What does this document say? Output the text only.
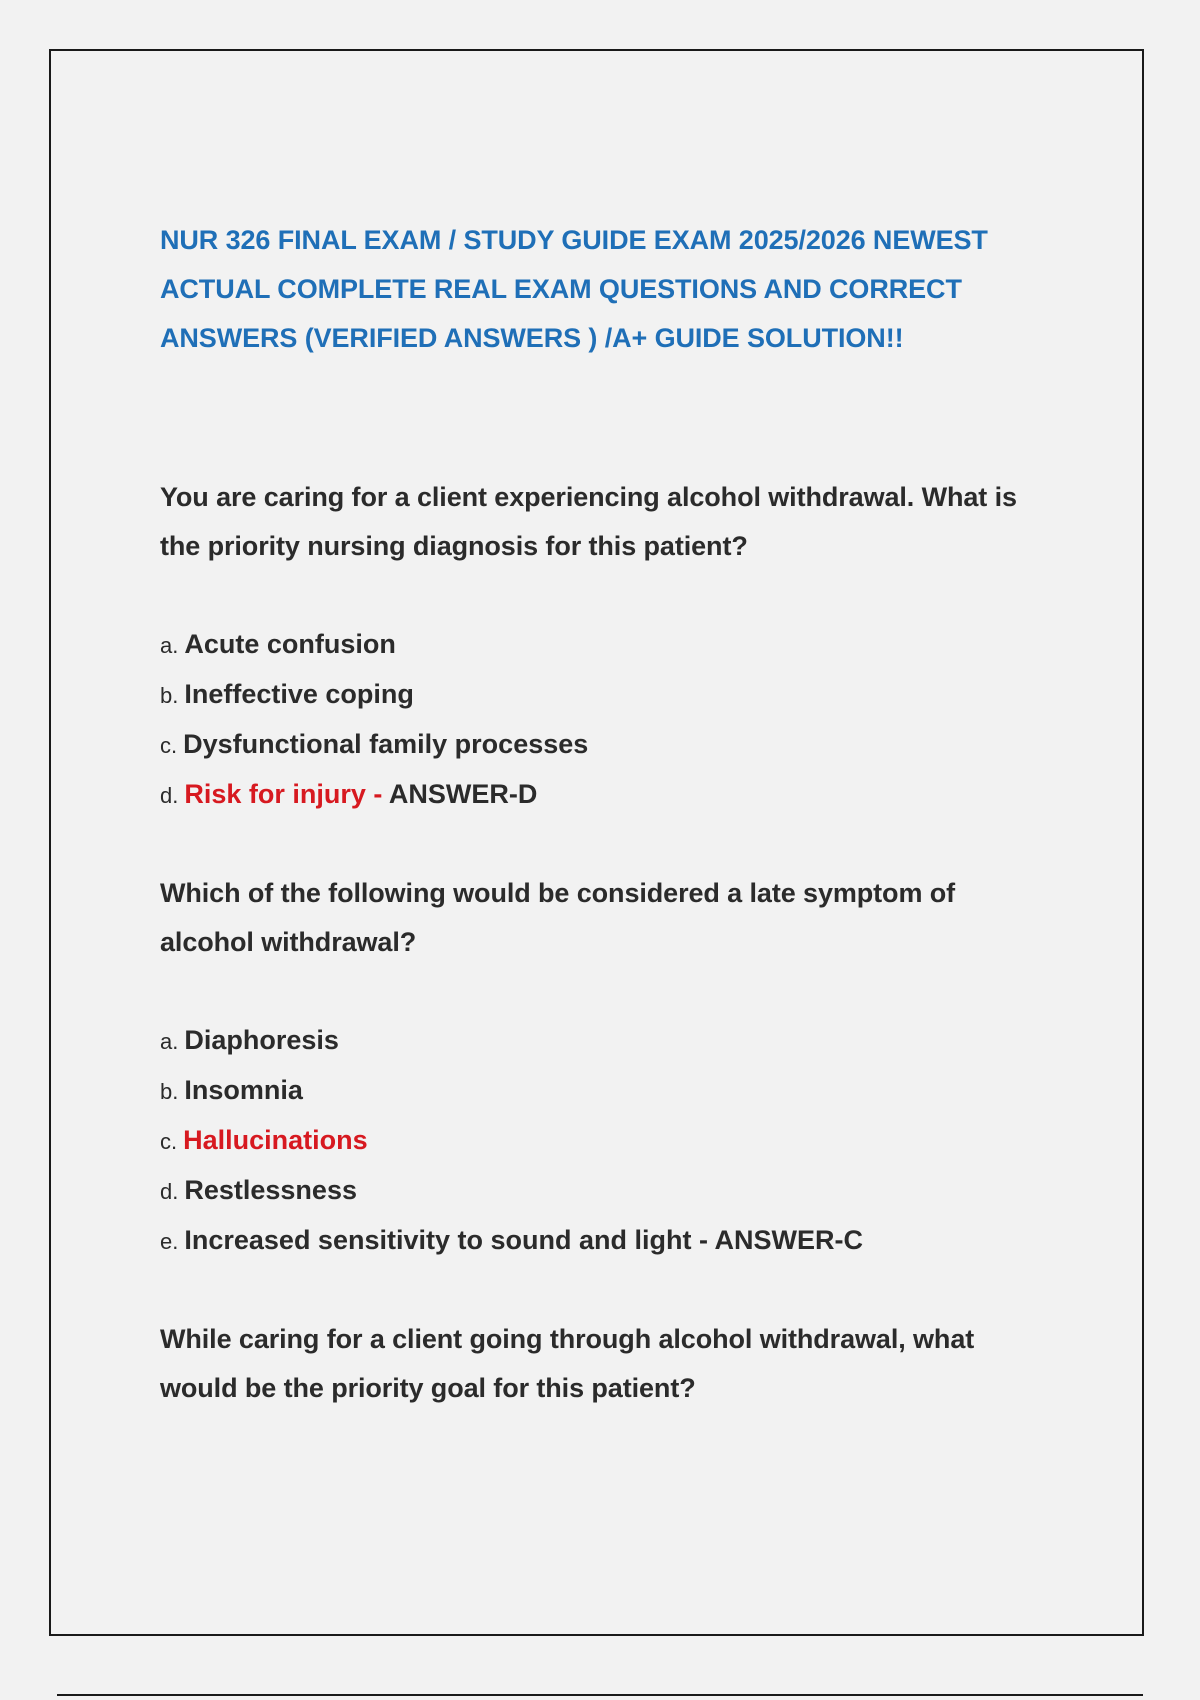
NUR 326 FINAL EXAM / STUDY GUIDE EXAM 2025/2026 NEWEST ACTUAL COMPLETE REAL EXAM QUESTIONS AND CORRECT ANSWERS (VERIFIED ANSWERS ) /A+ GUIDE SOLUTION!!

You are caring for a client experiencing alcohol withdrawal. What is the priority nursing diagnosis for this patient?

a. Acute confusion
b. Ineffective coping
c. Dysfunctional family processes
d. Risk for injury - ANSWER-D

Which of the following would be considered a late symptom of alcohol withdrawal?

a. Diaphoresis
b. Insomnia
c. Hallucinations
d. Restlessness
e. Increased sensitivity to sound and light - ANSWER-C

While caring for a client going through alcohol withdrawal, what would be the priority goal for this patient?
